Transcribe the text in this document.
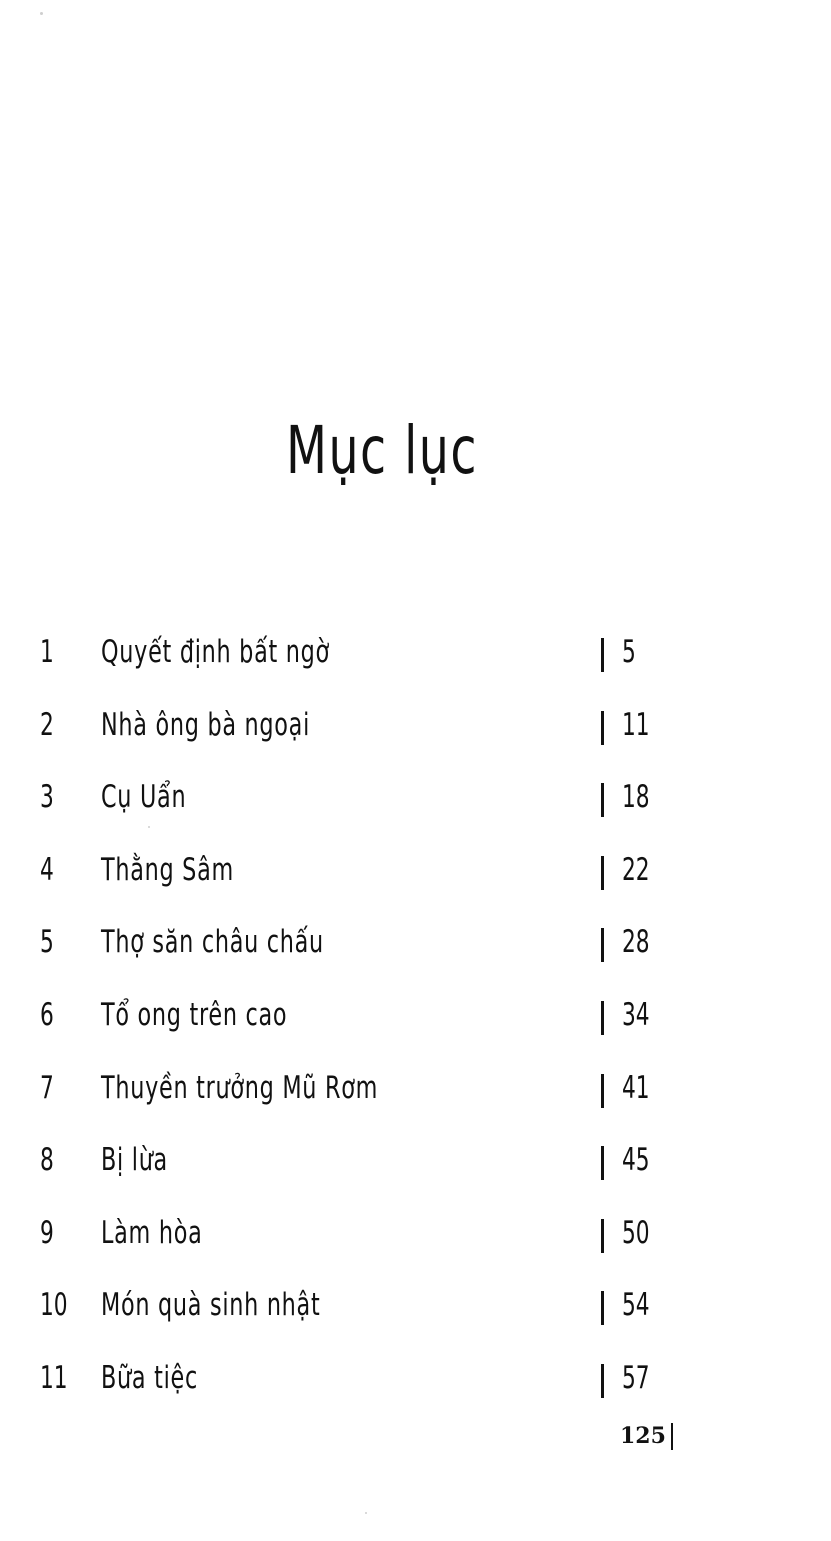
Mục lục
1 Quyết định bất ngờ	5
2 Nhà ông bà ngoại	11
3 Cụ Uẩn	18
4 Thằng Sâm	22
5 Thợ săn châu chấu	28
6 Tổ ong trên cao	34
7 Thuyền trưởng Mũ Rơm	41
8 Bị lừa	45
9 Làm hòa	50
10 Món quà sinh nhật	54
11 Bữa tiệc	57
125
